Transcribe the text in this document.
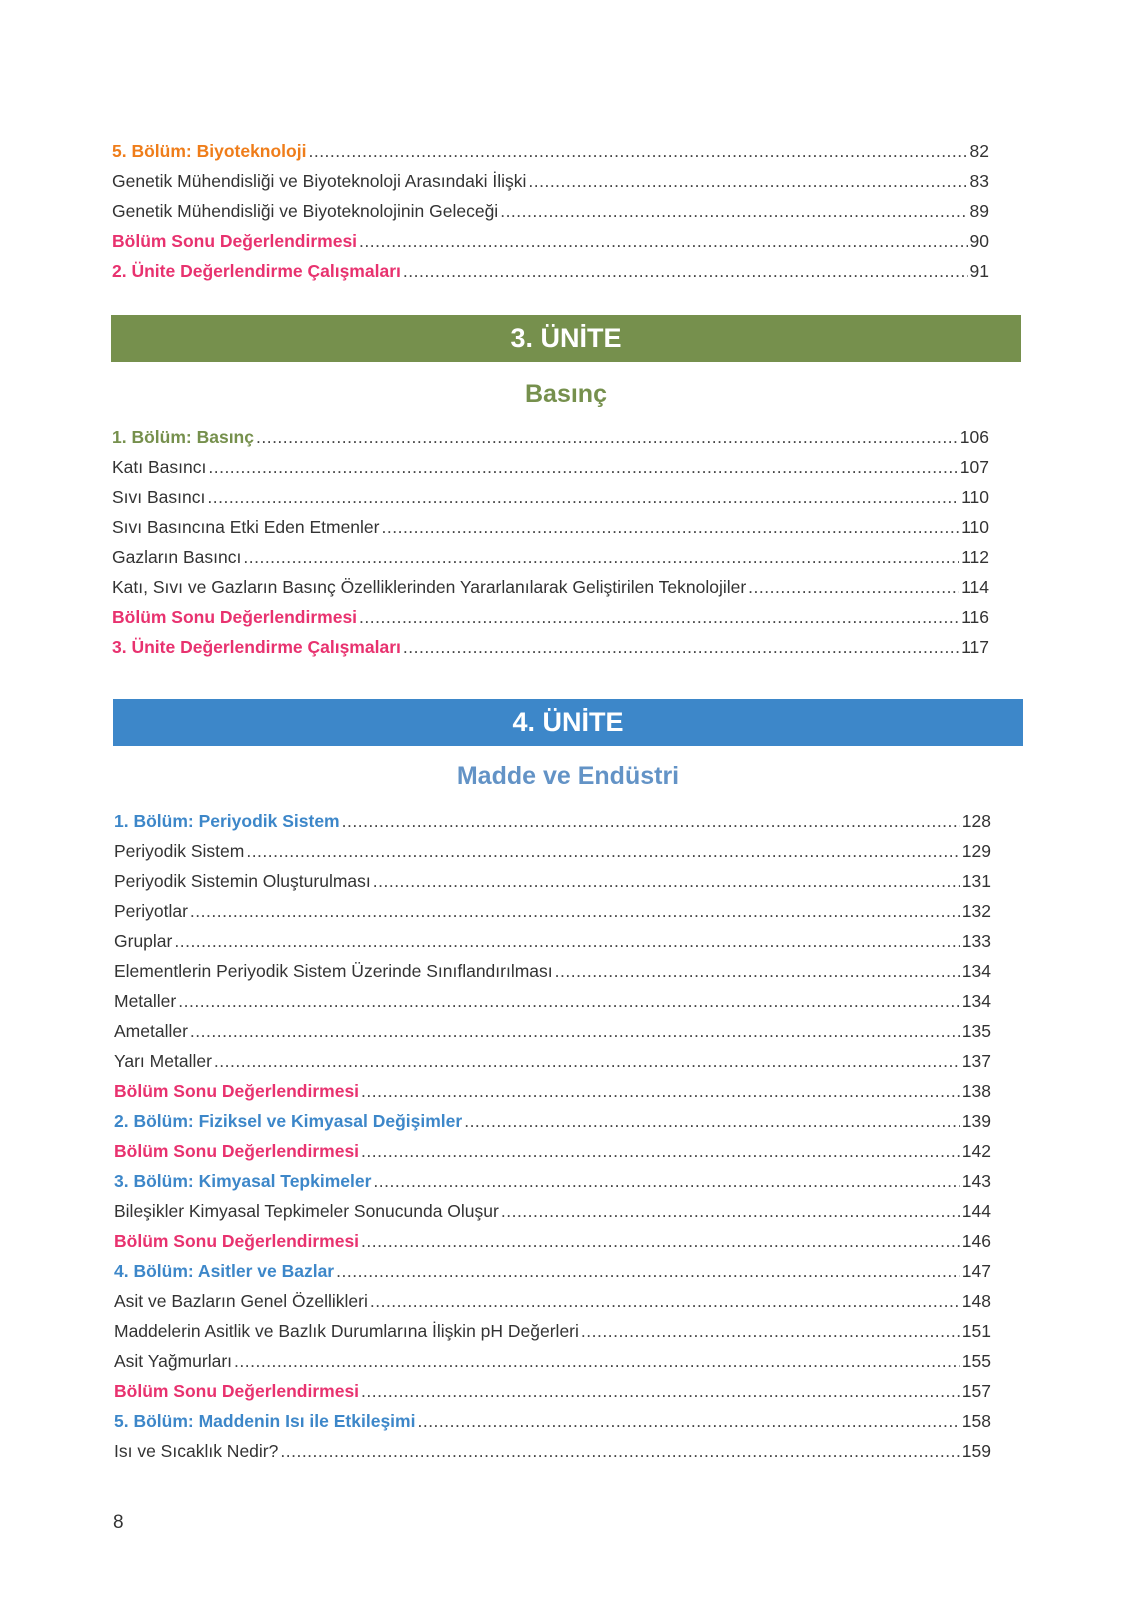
5. Bölüm: Biyoteknoloji .....	82
Genetik Mühendisliği ve Biyoteknoloji Arasındaki İlişki .....	83
Genetik Mühendisliği ve Biyoteknolojinin Geleceği .....	89
Bölüm Sonu Değerlendirmesi .....	90
2. Ünite Değerlendirme Çalışmaları .....	91
3. ÜNİTE
Basınç
1. Bölüm: Basınç .....	106
Katı Basıncı .....	107
Sıvı Basıncı .....	110
Sıvı Basıncına Etki Eden Etmenler .....	110
Gazların Basıncı .....	112
Katı, Sıvı ve Gazların Basınç Özelliklerinden Yararlanılarak Geliştirilen Teknolojiler .....	114
Bölüm Sonu Değerlendirmesi .....	116
3. Ünite Değerlendirme Çalışmaları .....	117
4. ÜNİTE
Madde ve Endüstri
1. Bölüm: Periyodik Sistem .....	128
Periyodik Sistem .....	129
Periyodik Sistemin Oluşturulması .....	131
Periyotlar .....	132
Gruplar .....	133
Elementlerin Periyodik Sistem Üzerinde Sınıflandırılması .....	134
Metaller .....	134
Ametaller .....	135
Yarı Metaller .....	137
Bölüm Sonu Değerlendirmesi .....	138
2. Bölüm: Fiziksel ve Kimyasal Değişimler .....	139
Bölüm Sonu Değerlendirmesi .....	142
3. Bölüm: Kimyasal Tepkimeler .....	143
Bileşikler Kimyasal Tepkimeler Sonucunda Oluşur .....	144
Bölüm Sonu Değerlendirmesi .....	146
4. Bölüm: Asitler ve Bazlar .....	147
Asit ve Bazların Genel Özellikleri .....	148
Maddelerin Asitlik ve Bazlık Durumlarına İlişkin pH Değerleri .....	151
Asit Yağmurları .....	155
Bölüm Sonu Değerlendirmesi .....	157
5. Bölüm: Maddenin Isı ile Etkileşimi .....	158
Isı ve Sıcaklık Nedir? .....	159
8
